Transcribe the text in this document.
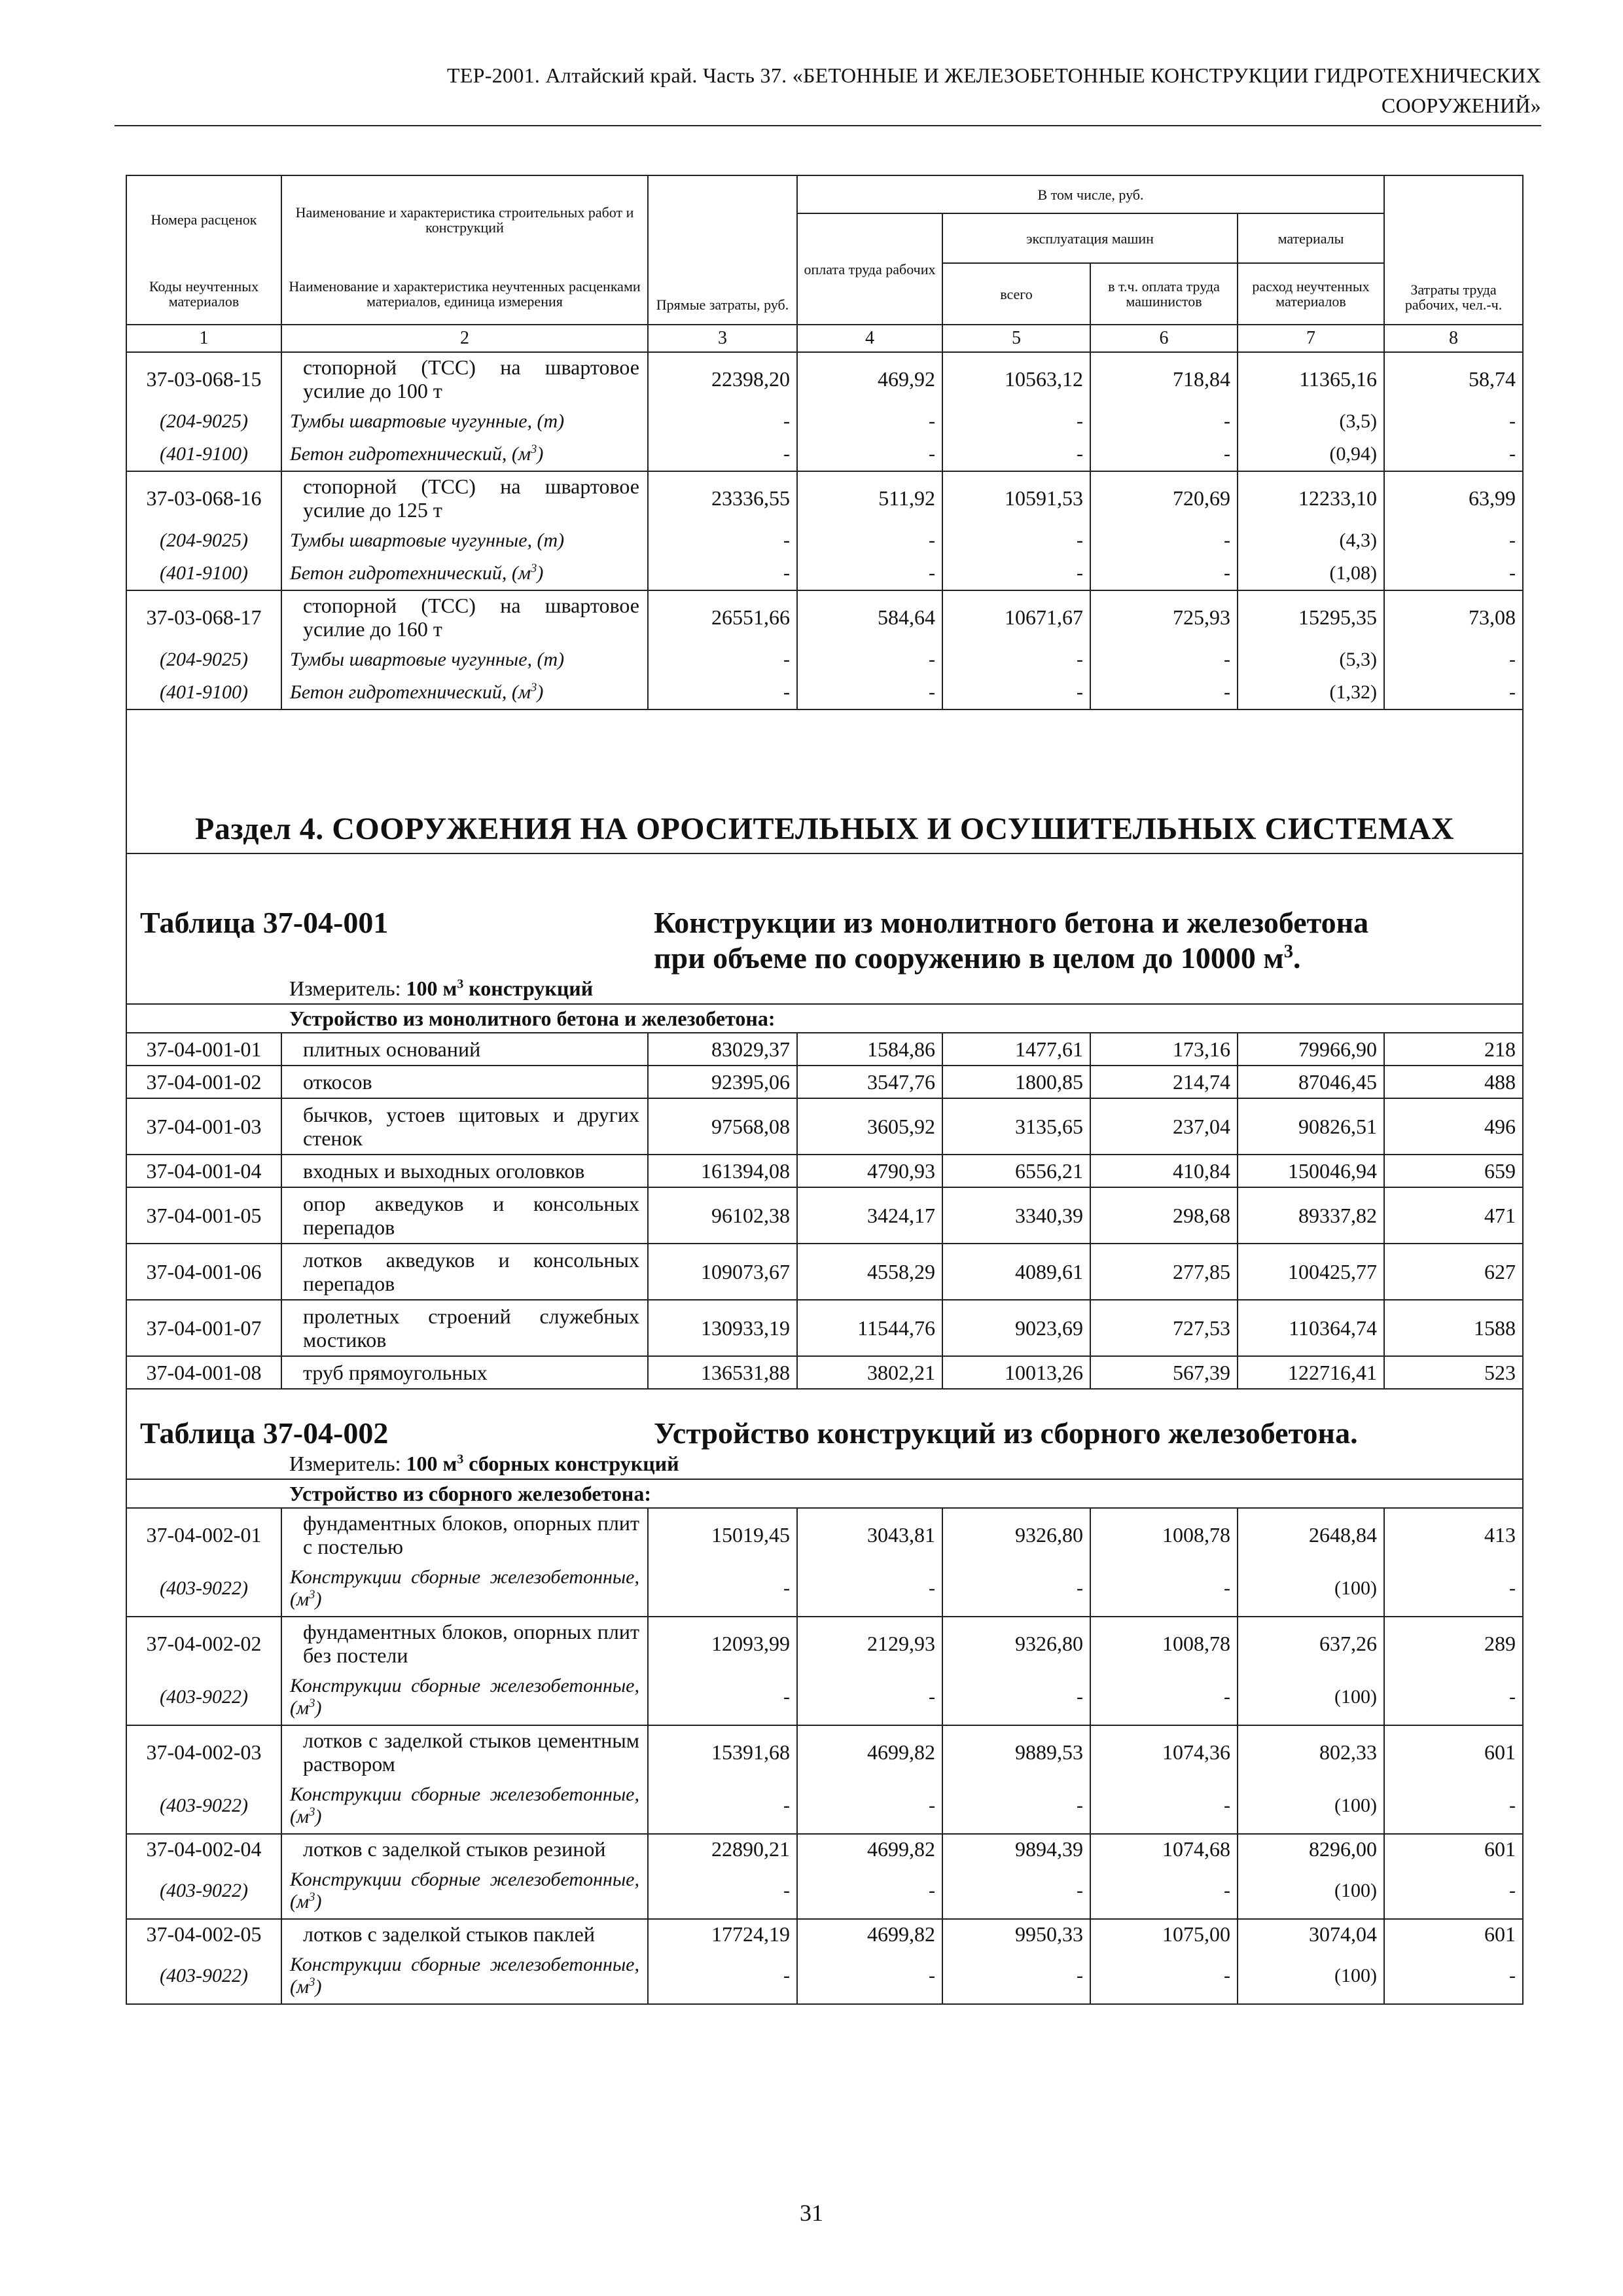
ТЕР-2001. Алтайский край. Часть 37. «БЕТОННЫЕ И ЖЕЛЕЗОБЕТОННЫЕ КОНСТРУКЦИИ ГИДРОТЕХНИЧЕСКИХ
СООРУЖЕНИЙ»
Номера расценок	Наименование и характеристика строительных работ и конструкций	Прямые затраты, руб.	В том числе, руб.				Затраты труда рабочих, чел.-ч.
			оплата труда рабочих	эксплуатация машин		материалы	
Коды неучтенных материалов	Наименование и характеристика неучтенных расценками материалов, единица измерения			всего	в т.ч. оплата труда машинистов	расход неучтенных материалов	
1	2	3	4	5	6	7	8
37-03-068-15	стопорной (ТСС) на швартовое усилие до 100 т	22398,20	469,92	10563,12	718,84	11365,16	58,74
(204-9025)	Тумбы швартовые чугунные, (т)	-	-	-	-	(3,5)	-
(401-9100)	Бетон гидротехнический, $(м^3)$	-	-	-	-	(0,94)	-
37-03-068-16	стопорной (ТСС) на швартовое усилие до 125 т	23336,55	511,92	10591,53	720,69	12233,10	63,99
(204-9025)	Тумбы швартовые чугунные, (т)	-	-	-	-	(4,3)	-
(401-9100)	Бетон гидротехнический, $(м^3)$	-	-	-	-	(1,08)	-
37-03-068-17	стопорной (ТСС) на швартовое усилие до 160 т	26551,66	584,64	10671,67	725,93	15295,35	73,08
(204-9025)	Тумбы швартовые чугунные, (т)	-	-	-	-	(5,3)	-
(401-9100)	Бетон гидротехнический, $(м^3)$	-	-	-	-	(1,32)	-

Раздел 4. СООРУЖЕНИЯ НА ОРОСИТЕЛЬНЫХ И ОСУШИТЕЛЬНЫХ СИСТЕМАХ							

Таблица 37-04-001 Конструкции из монолитного бетона и железобетона
при объеме по сооружению в целом до 10000 $м^3$.							

	Измеритель: 100 $м^3$ конструкций						
	Устройство из монолитного бетона и железобетона:						
37-04-001-01	плитных оснований	83029,37	1584,86	1477,61	173,16	79966,90	218
37-04-001-02	откосов	92395,06	3547,76	1800,85	214,74	87046,45	488
37-04-001-03	бычков, устоев щитовых и других стенок	97568,08	3605,92	3135,65	237,04	90826,51	496
37-04-001-04	входных и выходных оголовков	161394,08	4790,93	6556,21	410,84	150046,94	659
37-04-001-05	опор акведуков и консольных перепадов	96102,38	3424,17	3340,39	298,68	89337,82	471
37-04-001-06	лотков акведуков и консольных перепадов	109073,67	4558,29	4089,61	277,85	100425,77	627
37-04-001-07	пролетных строений служебных мостиков	130933,19	11544,76	9023,69	727,53	110364,74	1588
37-04-001-08	труб прямоугольных	136531,88	3802,21	10013,26	567,39	122716,41	523

Таблица 37-04-002 Устройство конструкций из сборного железобетона.							

	Измеритель: 100 $м^3$ сборных конструкций						
	Устройство из сборного железобетона:						
37-04-002-01	фундаментных блоков, опорных плит с постелью	15019,45	3043,81	9326,80	1008,78	2648,84	413
(403-9022)	Конструкции сборные железобетонные, $(м^3)$	-	-	-	-	(100)	-
37-04-002-02	фундаментных блоков, опорных плит без постели	12093,99	2129,93	9326,80	1008,78	637,26	289
(403-9022)	Конструкции сборные железобетонные, $(м^3)$	-	-	-	-	(100)	-
37-04-002-03	лотков с заделкой стыков цементным раствором	15391,68	4699,82	9889,53	1074,36	802,33	601
(403-9022)	Конструкции сборные железобетонные, $(м^3)$	-	-	-	-	(100)	-
37-04-002-04	лотков с заделкой стыков резиной	22890,21	4699,82	9894,39	1074,68	8296,00	601
(403-9022)	Конструкции сборные железобетонные, $(м^3)$	-	-	-	-	(100)	-
37-04-002-05	лотков с заделкой стыков паклей	17724,19	4699,82	9950,33	1075,00	3074,04	601
(403-9022)	Конструкции сборные железобетонные, $(м^3)$	-	-	-	-	(100)	-
31
